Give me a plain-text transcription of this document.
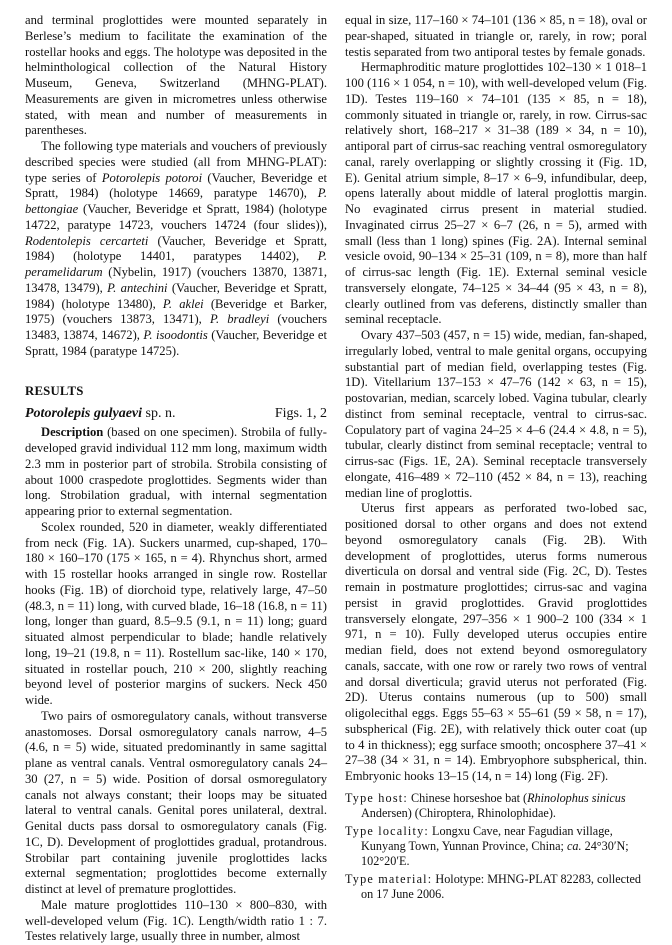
and terminal proglottides were mounted separately in Berlese’s medium to facilitate the examination of the rostellar hooks and eggs. The holotype was deposited in the helminthological collection of the Natural History Museum, Geneva, Switzerland (MHNG-PLAT). Measurements are given in micrometres unless otherwise stated, with mean and number of measurements in parentheses.

The following type materials and vouchers of previously described species were studied (all from MHNG-PLAT): type series of Potorolepis potoroi (Vaucher, Beveridge et Spratt, 1984) (holotype 14669, paratype 14670), P. bettongiae (Vaucher, Beveridge et Spratt, 1984) (holotype 14722, paratype 14723, vouchers 14724 (four slides)), Rodentolepis cercarteti (Vaucher, Beveridge et Spratt, 1984) (holotype 14401, paratypes 14402), P. peramelidarum (Nybelin, 1917) (vouchers 13870, 13871, 13478, 13479), P. antechini (Vaucher, Beveridge et Spratt, 1984) (holotype 13480), P. aklei (Beveridge et Barker, 1975) (vouchers 13873, 13471), P. bradleyi (vouchers 13483, 13874, 14672), P. isoodontis (Vaucher, Beveridge et Spratt, 1984 (paratype 14725).

RESULTS
Potorolepis gulyaevi sp. n.	Figs. 1, 2

Description (based on one specimen). Strobila of fully-developed gravid individual 112 mm long, maximum width 2.3 mm in posterior part of strobila. Strobila consisting of about 1000 craspedote proglottides. Segments wider than long. Strobilation gradual, with internal segmentation appearing prior to external segmentation.

Scolex rounded, 520 in diameter, weakly differentiated from neck (Fig. 1A). Suckers unarmed, cup-shaped, 170–180 × 160–170 (175 × 165, n = 4). Rhynchus short, armed with 15 rostellar hooks arranged in single row. Rostellar hooks (Fig. 1B) of diorchoid type, relatively large, 47–50 (48.3, n = 11) long, with curved blade, 16–18 (16.8, n = 11) long, longer than guard, 8.5–9.5 (9.1, n = 11) long; guard situated almost perpendicular to blade; handle relatively long, 19–21 (19.8, n = 11). Rostellum sac-like, 140 × 170, situated in rostellar pouch, 210 × 200, slightly reaching beyond level of posterior margins of suckers. Neck 450 wide.

Two pairs of osmoregulatory canals, without transverse anastomoses. Dorsal osmoregulatory canals narrow, 4–5 (4.6, n = 5) wide, situated predominantly in same sagittal plane as ventral canals. Ventral osmoregulatory canals 24–30 (27, n = 5) wide. Position of dorsal osmoregulatory canals not always constant; their loops may be situated lateral to ventral canals. Genital pores unilateral, dextral. Genital ducts pass dorsal to osmoregulatory canals (Fig. 1C, D). Development of proglottides gradual, protandrous. Strobilar part containing juvenile proglottides lacks external segmentation; proglottides become externally distinct at level of premature proglottides.

Male mature proglottides 110–130 × 800–830, with well-developed velum (Fig. 1C). Length/width ratio 1 : 7. Testes relatively large, usually three in number, almost

equal in size, 117–160 × 74–101 (136 × 85, n = 18), oval or pear-shaped, situated in triangle or, rarely, in row; poral testis separated from two antiporal testes by female gonads.

Hermaphroditic mature proglottides 102–130 × 1 018–1 100 (116 × 1 054, n = 10), with well-developed velum (Fig. 1D). Testes 119–160 × 74–101 (135 × 85, n = 18), commonly situated in triangle or, rarely, in row. Cirrus-sac relatively short, 168–217 × 31–38 (189 × 34, n = 10), antiporal part of cirrus-sac reaching ventral osmoregulatory canal, rarely overlapping or slightly crossing it (Fig. 1D, E). Genital atrium simple, 8–17 × 6–9, infundibular, deep, opens laterally about middle of lateral proglottis margin. No evaginated cirrus present in material studied. Invaginated cirrus 25–27 × 6–7 (26, n = 5), armed with small (less than 1 long) spines (Fig. 2A). Internal seminal vesicle ovoid, 90–134 × 25–31 (109, n = 8), more than half of cirrus-sac length (Fig. 1E). External seminal vesicle transversely elongate, 74–125 × 34–44 (95 × 43, n = 8), clearly outlined from vas deferens, distinctly smaller than seminal receptacle.

Ovary 437–503 (457, n = 15) wide, median, fan-shaped, irregularly lobed, ventral to male genital organs, occupying substantial part of median field, overlapping testes (Fig. 1D). Vitellarium 137–153 × 47–76 (142 × 63, n = 15), postovarian, median, scarcely lobed. Vagina tubular, clearly distinct from seminal receptacle, ventral to cirrus-sac. Copulatory part of vagina 24–25 × 4–6 (24.4 × 4.8, n = 5), tubular, clearly distinct from seminal receptacle; ventral to cirrus-sac (Figs. 1E, 2A). Seminal receptacle transversely elongate, 416–489 × 72–110 (452 × 84, n = 13), reaching median line of proglottis.

Uterus first appears as perforated two-lobed sac, positioned dorsal to other organs and does not extend beyond osmoregulatory canals (Fig. 2B). With development of proglottides, uterus forms numerous diverticula on dorsal and ventral side (Fig. 2C, D). Testes remain in postmature proglottides; cirrus-sac and vagina persist in gravid proglottides. Gravid proglottides transversely elongate, 297–356 × 1 900–2 100 (334 × 1 971, n = 10). Fully developed uterus occupies entire median field, does not extend beyond osmoregulatory canals, saccate, with one row or rarely two rows of ventral and dorsal diverticula; gravid uterus not perforated (Fig. 2D). Uterus contains numerous (up to 500) small oligolecithal eggs. Eggs 55–63 × 55–61 (59 × 58, n = 17), subspherical (Fig. 2E), with relatively thick outer coat (up to 4 in thickness); egg surface smooth; oncosphere 37–41 × 27–38 (34 × 31, n = 14). Embryophore subspherical, thin. Embryonic hooks 13–15 (14, n = 14) long (Fig. 2F).

Type host: Chinese horseshoe bat (Rhinolophus sinicus Andersen) (Chiroptera, Rhinolophidae).

Type locality: Longxu Cave, near Fagudian village, Kunyang Town, Yunnan Province, China; ca. 24°30′N; 102°20′E.

Type material: Holotype: MHNG-PLAT 82283, collected on 17 June 2006.
